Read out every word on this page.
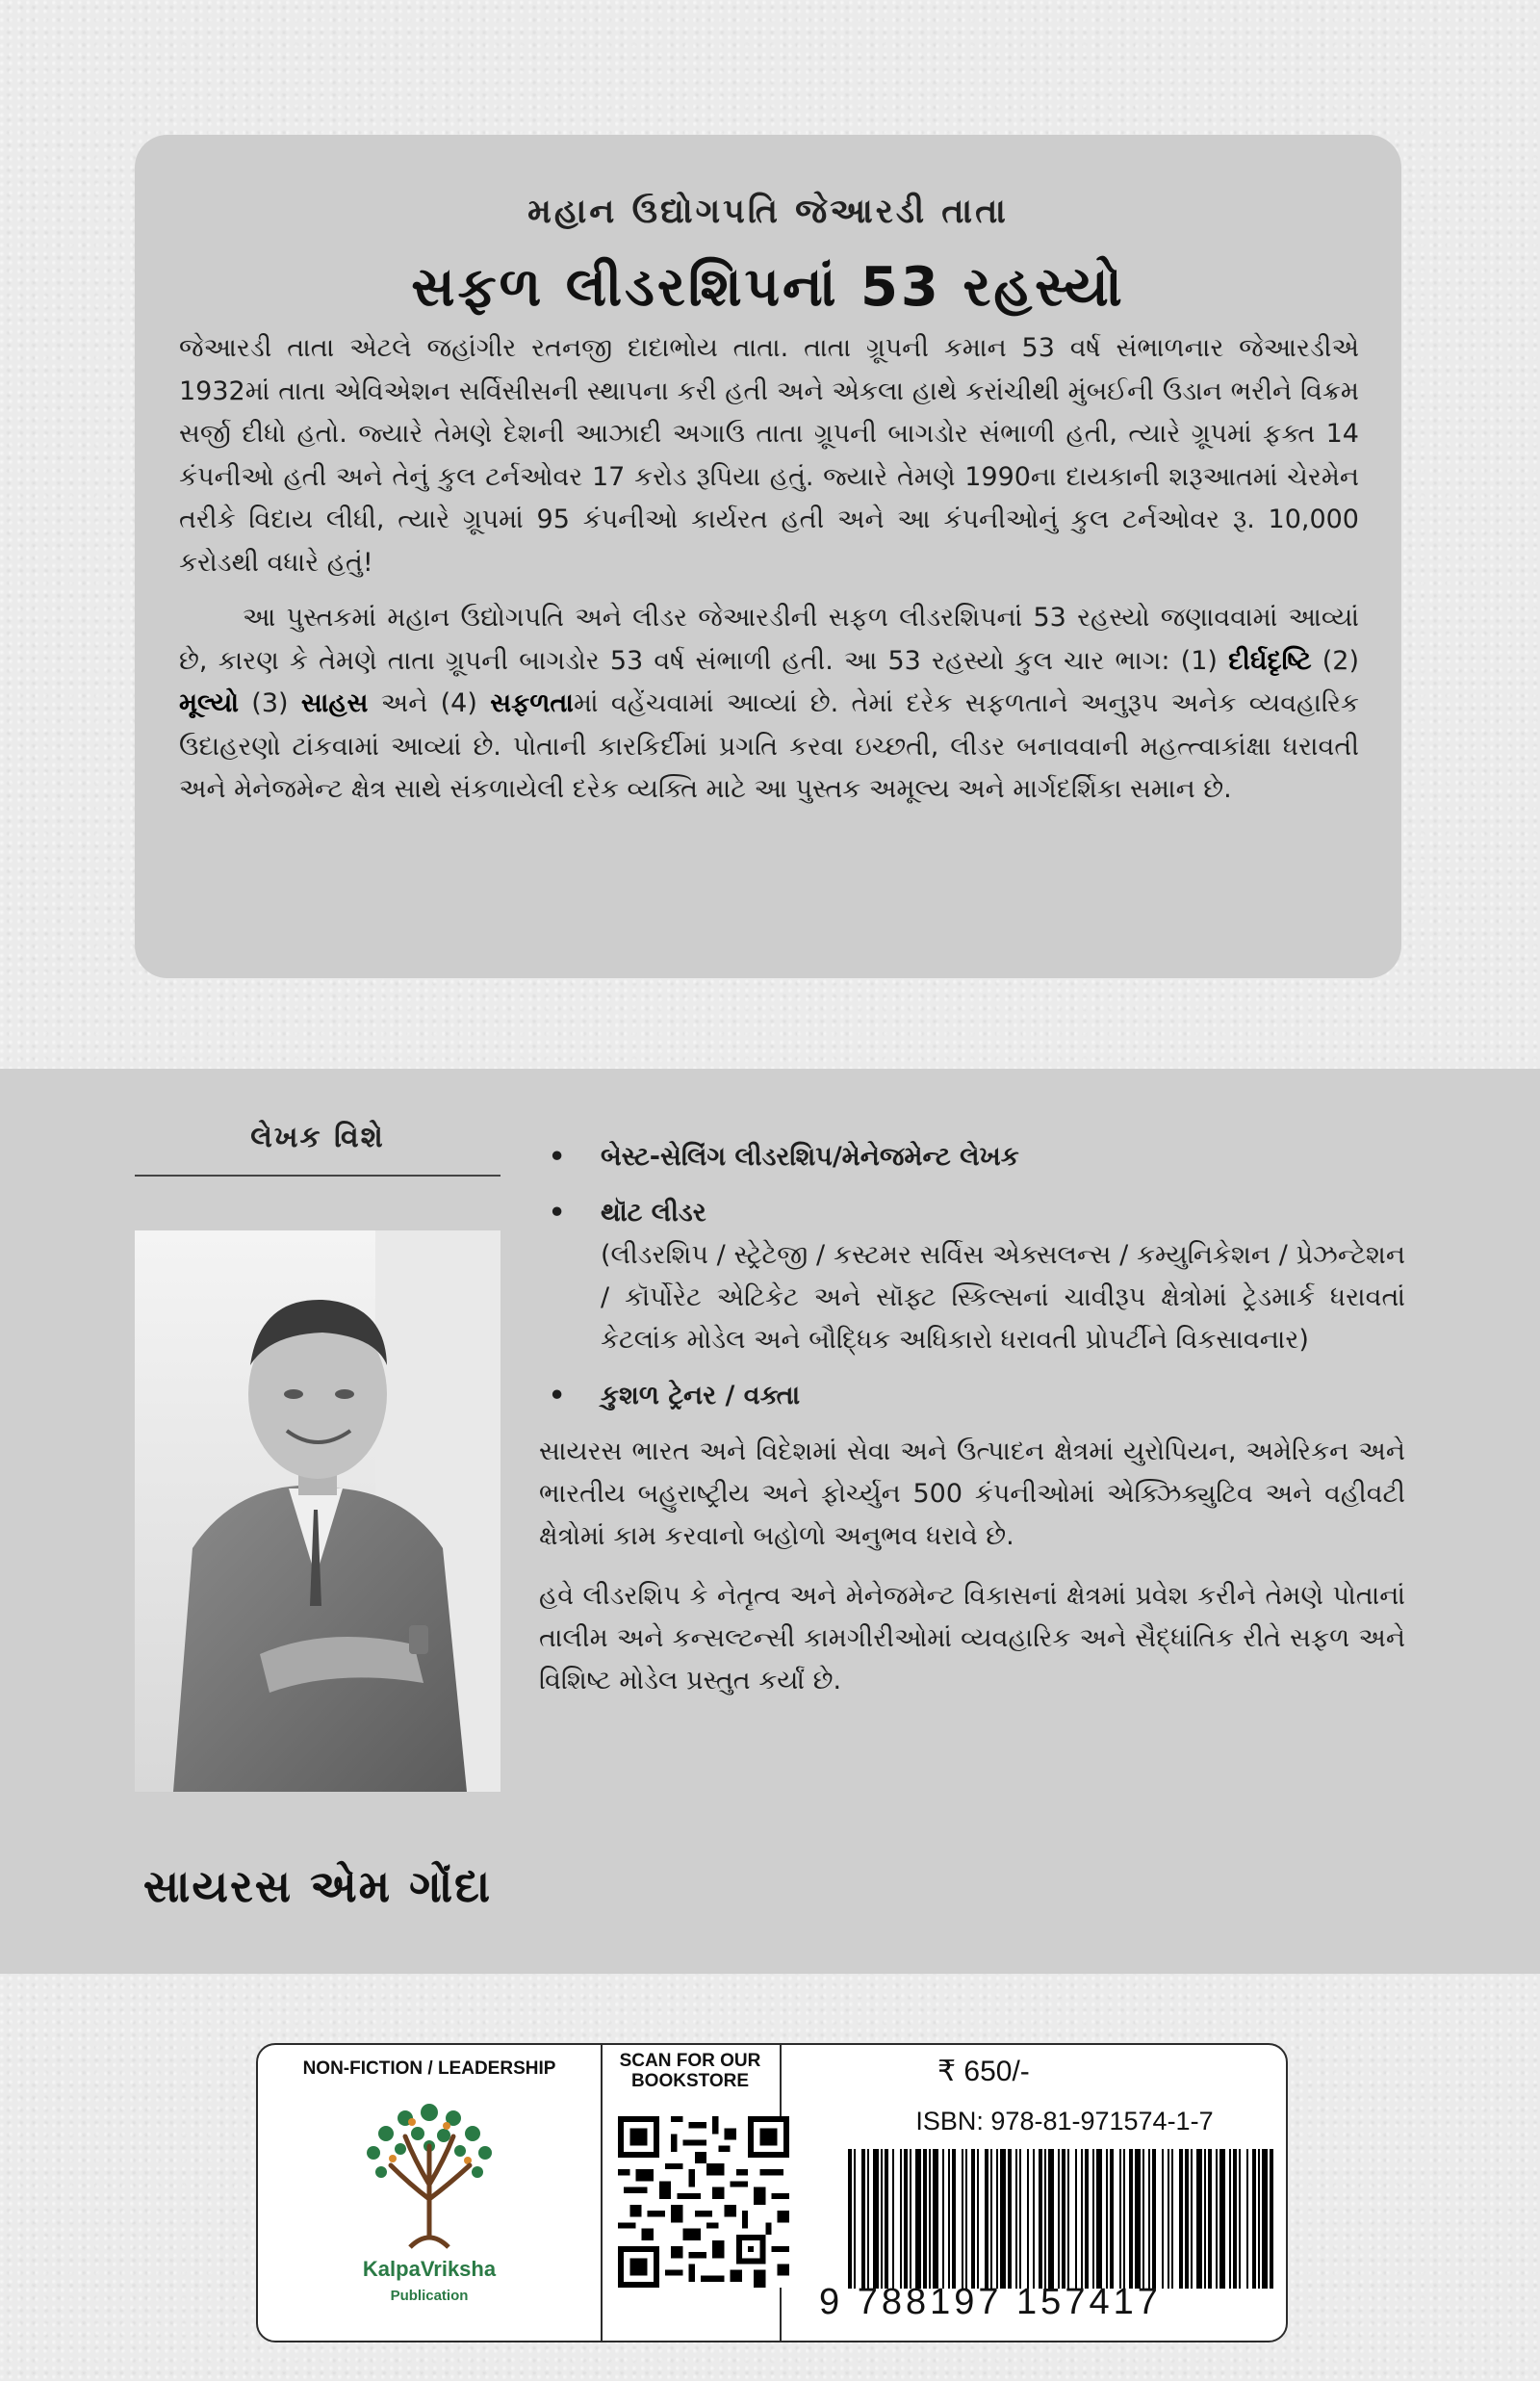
મહાન ઉદ્યોગપતિ જેઆરડી તાતા
સફળ લીડરશિપનાં 53 રહસ્યો

જેઆરડી તાતા એટલે જહાંગીર રતનજી દાદાભોય તાતા. તાતા ગ્રૂપની કમાન 53 વર્ષ સંભાળનાર જેઆરડીએ 1932માં તાતા એવિએશન સર્વિસીસની સ્થાપના કરી હતી અને એકલા હાથે કરાંચીથી મુંબઈની ઉડાન ભરીને વિક્રમ સર્જી દીધો હતો. જ્યારે તેમણે દેશની આઝાદી અગાઉ તાતા ગ્રૂપની બાગડોર સંભાળી હતી, ત્યારે ગ્રૂપમાં ફક્ત 14 કંપનીઓ હતી અને તેનું કુલ ટર્નઓવર 17 કરોડ રૂપિયા હતું. જ્યારે તેમણે 1990ના દાયકાની શરૂઆતમાં ચેરમેન તરીકે વિદાય લીધી, ત્યારે ગ્રૂપમાં 95 કંપનીઓ કાર્યરત હતી અને આ કંપનીઓનું કુલ ટર્નઓવર રૂ. 10,000 કરોડથી વધારે હતું!

આ પુસ્તકમાં મહાન ઉદ્યોગપતિ અને લીડર જેઆરડીની સફળ લીડરશિપનાં 53 રહસ્યો જણાવવામાં આવ્યાં છે, કારણ કે તેમણે તાતા ગ્રૂપની બાગડોર 53 વર્ષ સંભાળી હતી. આ 53 રહસ્યો કુલ ચાર ભાગ: (1) દીર્ઘદૃષ્ટિ (2) મૂલ્યો (3) સાહસ અને (4) સફળતામાં વહેંચવામાં આવ્યાં છે. તેમાં દરેક સફળતાને અનુરૂપ અનેક વ્યવહારિક ઉદાહરણો ટાંકવામાં આવ્યાં છે. પોતાની કારકિર્દીમાં પ્રગતિ કરવા ઇચ્છતી, લીડર બનાવવાની મહત્ત્વાકાંક્ષા ધરાવતી અને મેનેજમેન્ટ ક્ષેત્ર સાથે સંકળાયેલી દરેક વ્યક્તિ માટે આ પુસ્તક અમૂલ્ય અને માર્ગદર્શિકા સમાન છે.

લેખક વિશે
સાયરસ એમ ગોંદા
• બેસ્ટ-સેલિંગ લીડરશિપ/મેનેજમેન્ટ લેખક
• થૉટ લીડર
(લીડરશિપ / સ્ટ્રેટેજી / કસ્ટમર સર્વિસ એક્સલન્સ / કમ્યુનિકેશન / પ્રેઝન્ટેશન / કૉર્પોરેટ એટિકેટ અને સૉફ્ટ સ્કિલ્સનાં ચાવીરૂપ ક્ષેત્રોમાં ટ્રેડમાર્ક ધરાવતાં કેટલાંક મોડેલ અને બૌદ્ધિક અધિકારો ધરાવતી પ્રોપર્ટીને વિકસાવનાર)
• કુશળ ટ્રેનર / વક્તા

સાયરસ ભારત અને વિદેશમાં સેવા અને ઉત્પાદન ક્ષેત્રમાં યુરોપિયન, અમેરિકન અને ભારતીય બહુરાષ્ટ્રીય અને ફોર્ચ્યુન 500 કંપનીઓમાં એક્ઝિક્યુટિવ અને વહીવટી ક્ષેત્રોમાં કામ કરવાનો બહોળો અનુભવ ધરાવે છે.

હવે લીડરશિપ કે નેતૃત્વ અને મેનેજમેન્ટ વિકાસનાં ક્ષેત્રમાં પ્રવેશ કરીને તેમણે પોતાનાં તાલીમ અને કન્સલ્ટન્સી કામગીરીઓમાં વ્યવહારિક અને સૈદ્ધાંતિક રીતે સફળ અને વિશિષ્ટ મોડેલ પ્રસ્તુત કર્યાં છે.

NON-FICTION / LEADERSHIP
KalpaVriksha
Publication
SCAN FOR OUR BOOKSTORE	₹ 650/-
ISBN: 978-81-971574-1-7
9 788197 157417
